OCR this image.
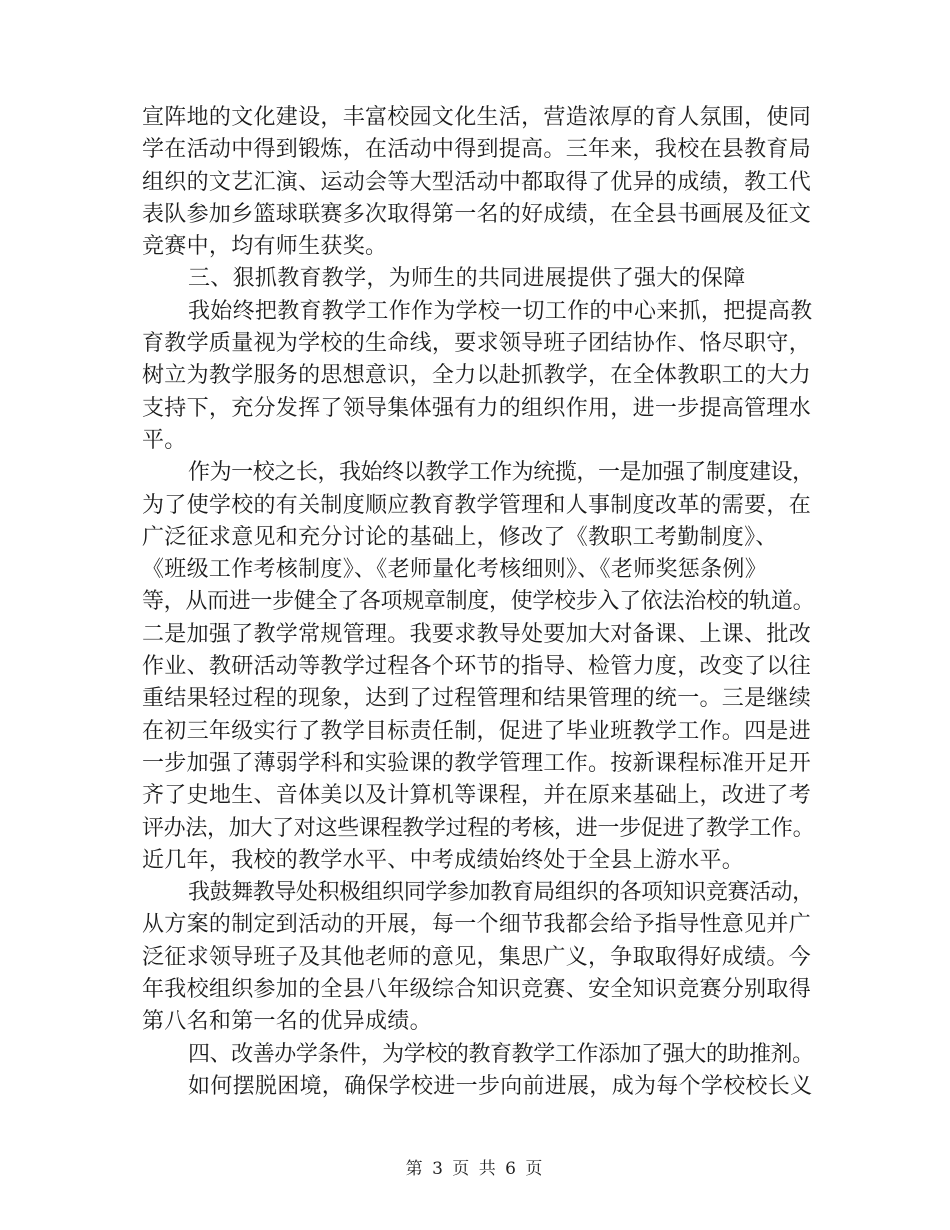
宣阵地的文化建设，丰富校园文化生活，营造浓厚的育人氛围，使同
学在活动中得到锻炼，在活动中得到提高。三年来，我校在县教育局
组织的文艺汇演、运动会等大型活动中都取得了优异的成绩，教工代
表队参加乡篮球联赛多次取得第一名的好成绩，在全县书画展及征文
竞赛中，均有师生获奖。
三、狠抓教育教学，为师生的共同进展提供了强大的保障
我始终把教育教学工作作为学校一切工作的中心来抓，把提高教
育教学质量视为学校的生命线，要求领导班子团结协作、恪尽职守，
树立为教学服务的思想意识，全力以赴抓教学，在全体教职工的大力
支持下，充分发挥了领导集体强有力的组织作用，进一步提高管理水
平。
作为一校之长，我始终以教学工作为统揽，一是加强了制度建设，
为了使学校的有关制度顺应教育教学管理和人事制度改革的需要，在
广泛征求意见和充分讨论的基础上，修改了《教职工考勤制度》、
《班级工作考核制度》、《老师量化考核细则》、《老师奖惩条例》
等，从而进一步健全了各项规章制度，使学校步入了依法治校的轨道。
二是加强了教学常规管理。我要求教导处要加大对备课、上课、批改
作业、教研活动等教学过程各个环节的指导、检管力度，改变了以往
重结果轻过程的现象，达到了过程管理和结果管理的统一。三是继续
在初三年级实行了教学目标责任制，促进了毕业班教学工作。四是进
一步加强了薄弱学科和实验课的教学管理工作。按新课程标准开足开
齐了史地生、音体美以及计算机等课程，并在原来基础上，改进了考
评办法，加大了对这些课程教学过程的考核，进一步促进了教学工作。
近几年，我校的教学水平、中考成绩始终处于全县上游水平。
我鼓舞教导处积极组织同学参加教育局组织的各项知识竞赛活动，
从方案的制定到活动的开展，每一个细节我都会给予指导性意见并广
泛征求领导班子及其他老师的意见，集思广义，争取取得好成绩。今
年我校组织参加的全县八年级综合知识竞赛、安全知识竞赛分别取得
第八名和第一名的优异成绩。
四、改善办学条件，为学校的教育教学工作添加了强大的助推剂。
如何摆脱困境，确保学校进一步向前进展，成为每个学校校长义
第 3 页 共 6 页
